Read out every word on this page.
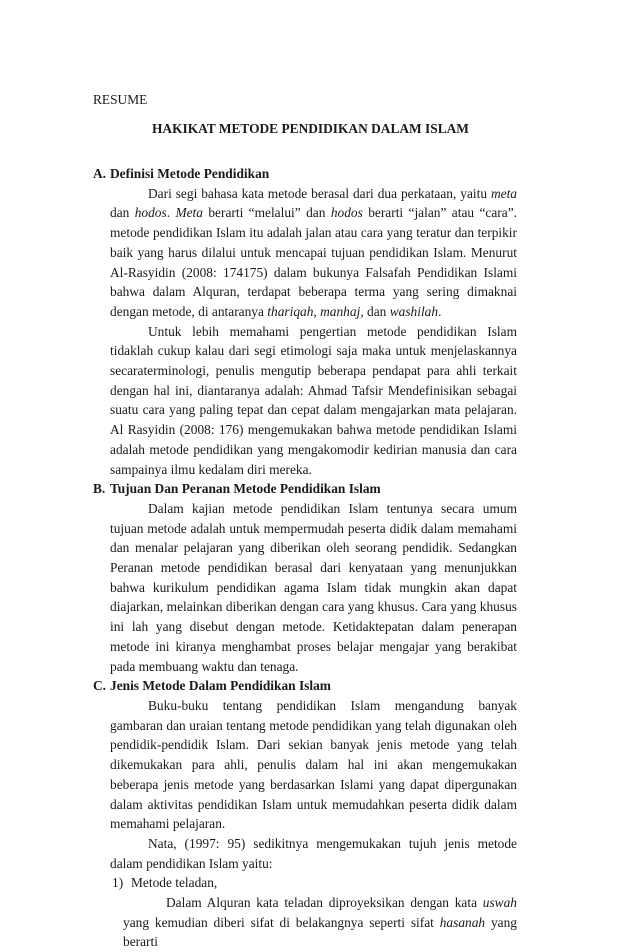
RESUME

HAKIKAT METODE PENDIDIKAN DALAM ISLAM

A. Definisi Metode Pendidikan

Dari segi bahasa kata metode berasal dari dua perkataan, yaitu meta dan hodos. Meta berarti “melalui” dan hodos berarti “jalan” atau “cara”. metode pendidikan Islam itu adalah jalan atau cara yang teratur dan terpikir baik yang harus dilalui untuk mencapai tujuan pendidikan Islam. Menurut Al-Rasyidin (2008: 174175) dalam bukunya Falsafah Pendidikan Islami bahwa dalam Alquran, terdapat beberapa terma yang sering dimaknai dengan metode, di antaranya thariqah, manhaj, dan washilah.

Untuk lebih memahami pengertian metode pendidikan Islam tidaklah cukup kalau dari segi etimologi saja maka untuk menjelaskannya secaraterminologi, penulis mengutip beberapa pendapat para ahli terkait dengan hal ini, diantaranya adalah: Ahmad Tafsir Mendefinisikan sebagai suatu cara yang paling tepat dan cepat dalam mengajarkan mata pelajaran. Al Rasyidin (2008: 176) mengemukakan bahwa metode pendidikan Islami adalah metode pendidikan yang mengakomodir kedirian manusia dan cara sampainya ilmu kedalam diri mereka.

B. Tujuan Dan Peranan Metode Pendidikan Islam

Dalam kajian metode pendidikan Islam tentunya secara umum tujuan metode adalah untuk mempermudah peserta didik dalam memahami dan menalar pelajaran yang diberikan oleh seorang pendidik. Sedangkan Peranan metode pendidikan berasal dari kenyataan yang menunjukkan bahwa kurikulum pendidikan agama Islam tidak mungkin akan dapat diajarkan, melainkan diberikan dengan cara yang khusus. Cara yang khusus ini lah yang disebut dengan metode. Ketidaktepatan dalam penerapan metode ini kiranya menghambat proses belajar mengajar yang berakibat pada membuang waktu dan tenaga.

C. Jenis Metode Dalam Pendidikan Islam

Buku-buku tentang pendidikan Islam mengandung banyak gambaran dan uraian tentang metode pendidikan yang telah digunakan oleh pendidik-pendidik Islam. Dari sekian banyak jenis metode yang telah dikemukakan para ahli, penulis dalam hal ini akan mengemukakan beberapa jenis metode yang berdasarkan Islami yang dapat dipergunakan dalam aktivitas pendidikan Islam untuk memudahkan peserta didik dalam memahami pelajaran.

Nata, (1997: 95) sedikitnya mengemukakan tujuh jenis metode dalam pendidikan Islam yaitu:

1) Metode teladan,

Dalam Alquran kata teladan diproyeksikan dengan kata uswah yang kemudian diberi sifat di belakangnya seperti sifat hasanah yang berarti
